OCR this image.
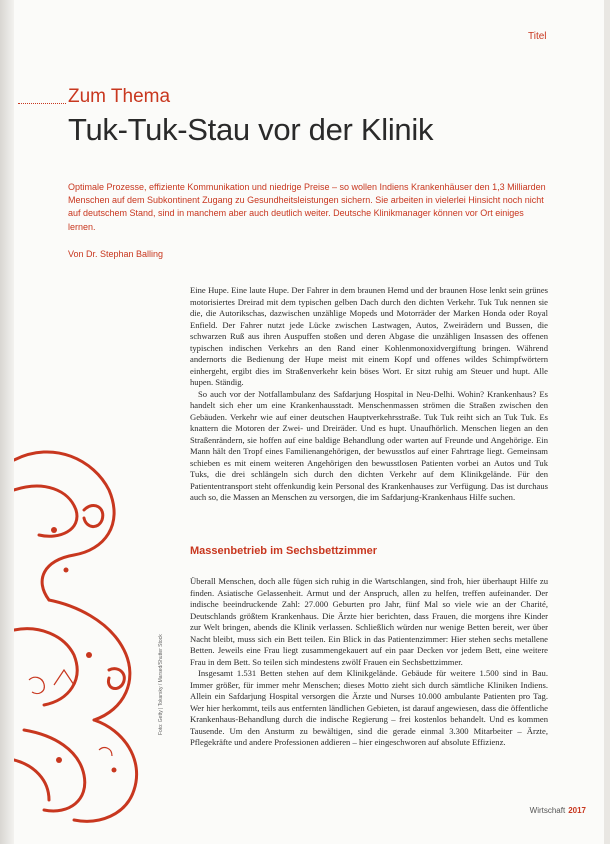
Titel
Zum Thema
Tuk-Tuk-Stau vor der Klinik
Optimale Prozesse, effiziente Kommunikation und niedrige Preise – so wollen Indiens Krankenhäuser den 1,3 Milliarden Menschen auf dem Subkontinent Zugang zu Gesundheitsleistungen sichern. Sie arbeiten in vielerlei Hinsicht noch nicht auf deutschem Stand, sind in manchem aber auch deutlich weiter. Deutsche Klinikmanager können vor Ort einiges lernen.
Von Dr. Stephan Balling

Eine Hupe. Eine laute Hupe. Der Fahrer in dem braunen Hemd und der braunen Hose lenkt sein grünes motorisiertes Dreirad mit dem typischen gelben Dach durch den dichten Verkehr. Tuk Tuk nennen sie die, die Autorikschas, dazwischen unzählige Mopeds und Motorräder der Marken Honda oder Royal Enfield. Der Fahrer nutzt jede Lücke zwischen Lastwagen, Autos, Zweirädern und Bussen, die schwarzen Ruß aus ihren Auspuffen stoßen und deren Abgase die unzähligen Insassen des offenen typischen indischen Verkehrs an den Rand einer Kohlenmonoxidvergiftung bringen. Während andernorts die Bedienung der Hupe meist mit einem Kopf und offenes wildes Schimpfwörtern einhergeht, ergibt dies im Straßenverkehr kein böses Wort. Er sitzt ruhig am Steuer und hupt. Alle hupen. Ständig.

So auch vor der Notfallambulanz des Safdarjung Hospital in Neu-Delhi. Wohin? Krankenhaus? Es handelt sich eher um eine Krankenhausstadt. Menschenmassen strömen die Straßen zwischen den Gebäuden. Verkehr wie auf einer deutschen Hauptverkehrsstraße. Tuk Tuk reiht sich an Tuk Tuk. Es knattern die Motoren der Zwei- und Dreiräder. Und es hupt. Unaufhörlich. Menschen liegen an den Straßenrändern, sie hoffen auf eine baldige Behandlung oder warten auf Freunde und Angehörige. Ein Mann hält den Tropf eines Familienangehörigen, der bewusstlos auf einer Fahrtrage liegt. Gemeinsam schieben es mit einem weiteren Angehörigen den bewusstlosen Patienten vorbei an Autos und Tuk Tuks, die drei schlängeln sich durch den dichten Verkehr auf dem Klinikgelände. Für den Patiententransport steht offenkundig kein Personal des Krankenhauses zur Verfügung. Das ist durchaus auch so, die Massen an Menschen zu versorgen, die im Safdarjung-Krankenhaus Hilfe suchen.

Massenbetrieb im Sechsbettzimmer

Überall Menschen, doch alle fügen sich ruhig in die Wartschlangen, sind froh, hier überhaupt Hilfe zu finden. Asiatische Gelassenheit. Armut und der Anspruch, allen zu helfen, treffen aufeinander. Der indische beeindruckende Zahl: 27.000 Geburten pro Jahr, fünf Mal so viele wie an der Charité, Deutschlands größtem Krankenhaus. Die Ärzte hier berichten, dass Frauen, die morgens ihre Kinder zur Welt bringen, abends die Klinik verlassen. Schließlich würden nur wenige Betten bereit, wer über Nacht bleibt, muss sich ein Bett teilen. Ein Blick in das Patientenzimmer: Hier stehen sechs metallene Betten. Jeweils eine Frau liegt zusammengekauert auf ein paar Decken vor jedem Bett, eine weitere Frau in dem Bett. So teilen sich mindestens zwölf Frauen ein Sechsbettzimmer.

Insgesamt 1.531 Betten stehen auf dem Klinikgelände. Gebäude für weitere 1.500 sind in Bau. Immer größer, für immer mehr Menschen; dieses Motto zieht sich durch sämtliche Kliniken Indiens. Allein ein Safdarjung Hospital versorgen die Ärzte und Nurses 10.000 ambulante Patienten pro Tag. Wer hier herkommt, teils aus entfernten ländlichen Gebieten, ist darauf angewiesen, dass die öffentliche Krankenhaus-Behandlung durch die indische Regierung – frei kostenlos behandelt. Und es kommen Tausende. Um den Ansturm zu bewältigen, sind die gerade einmal 3.300 Mitarbeiter – Ärzte, Pflegekräfte und andere Professionen addieren – hier eingeschworen auf absolute Effizienz.

Foto: Getty | Tokarsky / Marsed/Shutter Stock
Wirtschaft 2017
